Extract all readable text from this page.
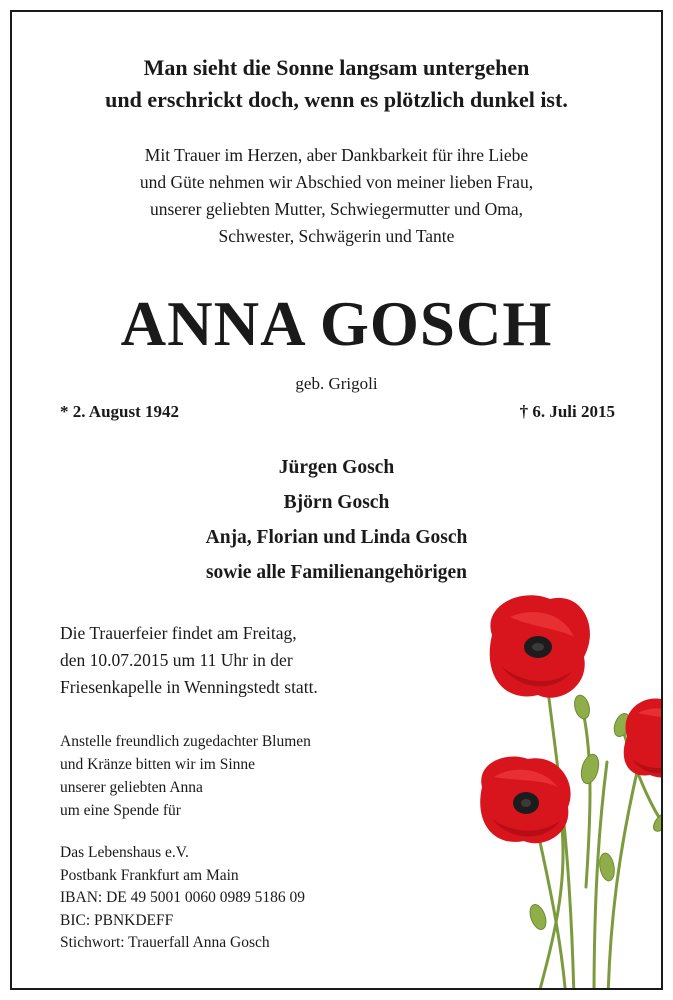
Man sieht die Sonne langsam untergehen
und erschrickt doch, wenn es plötzlich dunkel ist.
Mit Trauer im Herzen, aber Dankbarkeit für ihre Liebe
und Güte nehmen wir Abschied von meiner lieben Frau,
unserer geliebten Mutter, Schwiegermutter und Oma,
Schwester, Schwägerin und Tante
ANNA GOSCH
geb. Grigoli
* 2. August 1942	† 6. Juli 2015
Jürgen Gosch
Björn Gosch
Anja, Florian und Linda Gosch
sowie alle Familienangehörigen
Die Trauerfeier findet am Freitag,
den 10.07.2015 um 11 Uhr in der
Friesenkapelle in Wenningstedt statt.
Anstelle freundlich zugedachter Blumen
und Kränze bitten wir im Sinne
unserer geliebten Anna
um eine Spende für
Das Lebenshaus e.V.
Postbank Frankfurt am Main
IBAN: DE 49 5001 0060 0989 5186 09
BIC: PBNKDEFF
Stichwort: Trauerfall Anna Gosch
